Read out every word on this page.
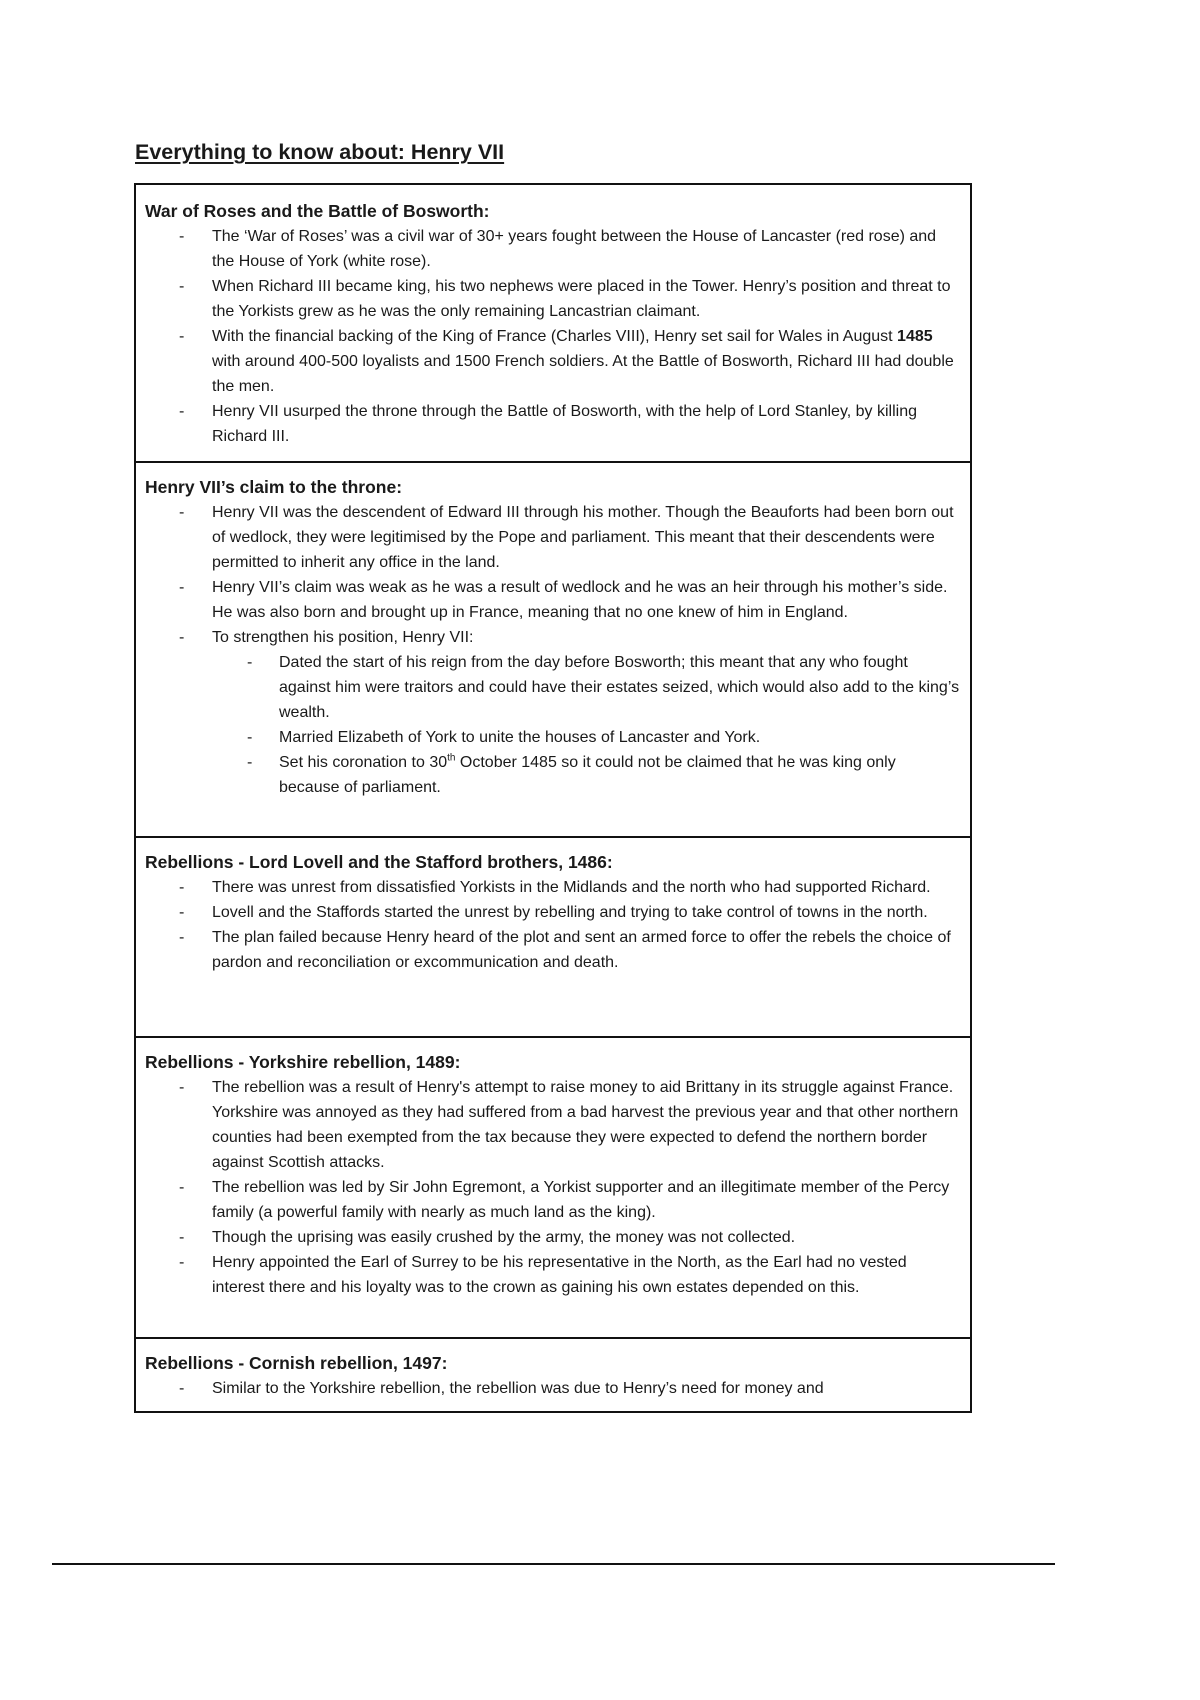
Everything to know about: Henry VII

War of Roses and the Battle of Bosworth:

- The ‘War of Roses’ was a civil war of 30+ years fought between the House of Lancaster (red rose) and the House of York (white rose).
- When Richard III became king, his two nephews were placed in the Tower. Henry’s position and threat to the Yorkists grew as he was the only remaining Lancastrian claimant.
- With the financial backing of the King of France (Charles VIII), Henry set sail for Wales in August 1485 with around 400-500 loyalists and 1500 French soldiers. At the Battle of Bosworth, Richard III had double the men.
- Henry VII usurped the throne through the Battle of Bosworth, with the help of Lord Stanley, by killing Richard III.

Henry VII’s claim to the throne:

- Henry VII was the descendent of Edward III through his mother. Though the Beauforts had been born out of wedlock, they were legitimised by the Pope and parliament. This meant that their descendents were permitted to inherit any office in the land.
- Henry VII’s claim was weak as he was a result of wedlock and he was an heir through his mother’s side. He was also born and brought up in France, meaning that no one knew of him in England.
- To strengthen his position, Henry VII:
- Dated the start of his reign from the day before Bosworth; this meant that any who fought against him were traitors and could have their estates seized, which would also add to the king’s wealth.
- Married Elizabeth of York to unite the houses of Lancaster and York.
- Set his coronation to 30th October 1485 so it could not be claimed that he was king only because of parliament.

Rebellions - Lord Lovell and the Stafford brothers, 1486:

- There was unrest from dissatisfied Yorkists in the Midlands and the north who had supported Richard.
- Lovell and the Staffords started the unrest by rebelling and trying to take control of towns in the north.
- The plan failed because Henry heard of the plot and sent an armed force to offer the rebels the choice of pardon and reconciliation or excommunication and death.

Rebellions - Yorkshire rebellion, 1489:

- The rebellion was a result of Henry's attempt to raise money to aid Brittany in its struggle against France. Yorkshire was annoyed as they had suffered from a bad harvest the previous year and that other northern counties had been exempted from the tax because they were expected to defend the northern border against Scottish attacks.
- The rebellion was led by Sir John Egremont, a Yorkist supporter and an illegitimate member of the Percy family (a powerful family with nearly as much land as the king).
- Though the uprising was easily crushed by the army, the money was not collected.
- Henry appointed the Earl of Surrey to be his representative in the North, as the Earl had no vested interest there and his loyalty was to the crown as gaining his own estates depended on this.

Rebellions - Cornish rebellion, 1497:

- Similar to the Yorkshire rebellion, the rebellion was due to Henry’s need for money and
